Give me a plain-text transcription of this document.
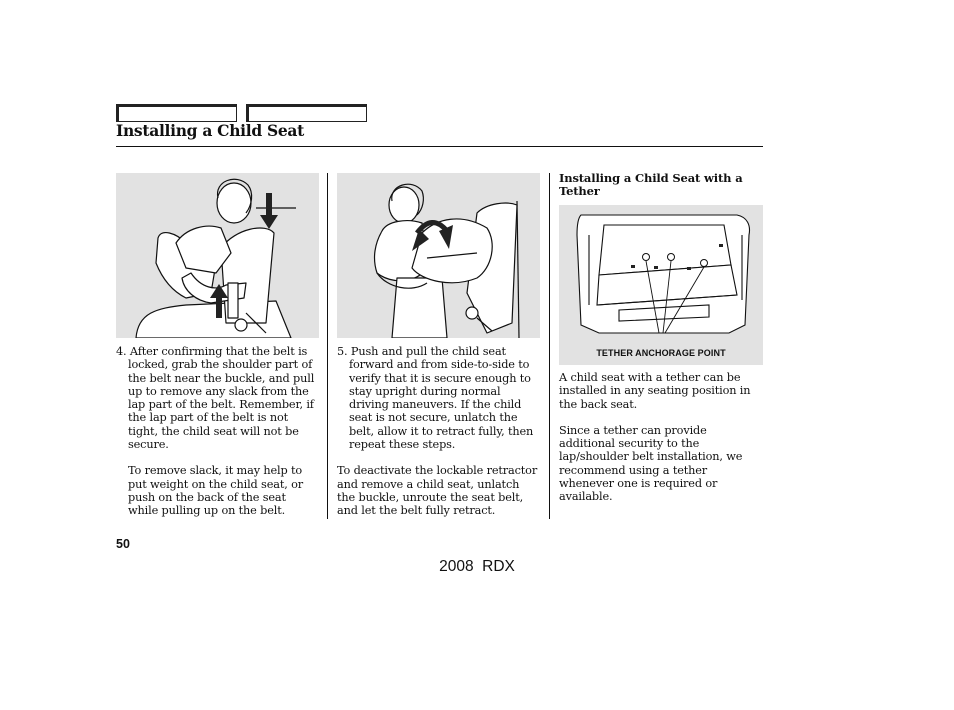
Installing a Child Seat
TETHER ANCHORAGE POINT

4. After confirming that the belt is locked, grab the shoulder part of the belt near the buckle, and pull up to remove any slack from the lap part of the belt. Remember, if the lap part of the belt is not tight, the child seat will not be secure.

To remove slack, it may help to put weight on the child seat, or push on the back of the seat while pulling up on the belt.

5. Push and pull the child seat forward and from side-to-side to verify that it is secure enough to stay upright during normal driving maneuvers. If the child seat is not secure, unlatch the belt, allow it to retract fully, then repeat these steps.

To deactivate the lockable retractor and remove a child seat, unlatch the buckle, unroute the seat belt, and let the belt fully retract.

Installing a Child Seat with a Tether

A child seat with a tether can be installed in any seating position in the back seat.

Since a tether can provide additional security to the lap/shoulder belt installation, we recommend using a tether whenever one is required or available.

50
2008  RDX
